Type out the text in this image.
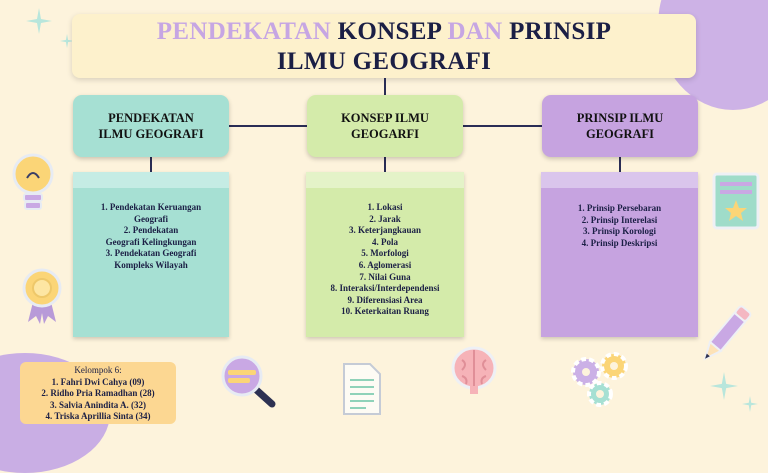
PENDEKATAN KONSEP DAN PRINSIP
ILMU GEOGRAFI
PENDEKATAN
ILMU GEOGRAFI
KONSEP ILMU
GEOGARFI
PRINSIP ILMU
GEOGRAFI
1. Pendekatan Keruangan
Geografi
2. Pendekatan
Geografi Kelingkungan
3. Pendekatan Geografi
Kompleks Wilayah
1. Lokasi
2. Jarak
3. Keterjangkauan
4. Pola
5. Morfologi
6. Aglomerasi
7. Nilai Guna
8. Interaksi/Interdependensi
9. Diferensiasi Area
10. Keterkaitan Ruang
1. Prinsip Persebaran
2. Prinsip Interelasi
3. Prinsip Korologi
4. Prinsip Deskripsi
Kelompok 6:
1. Fahri Dwi Cahya (09)
2. Ridho Pria Ramadhan (28)
3. Salvia Anindita A. (32)
4. Triska Aprillia Sinta (34)
